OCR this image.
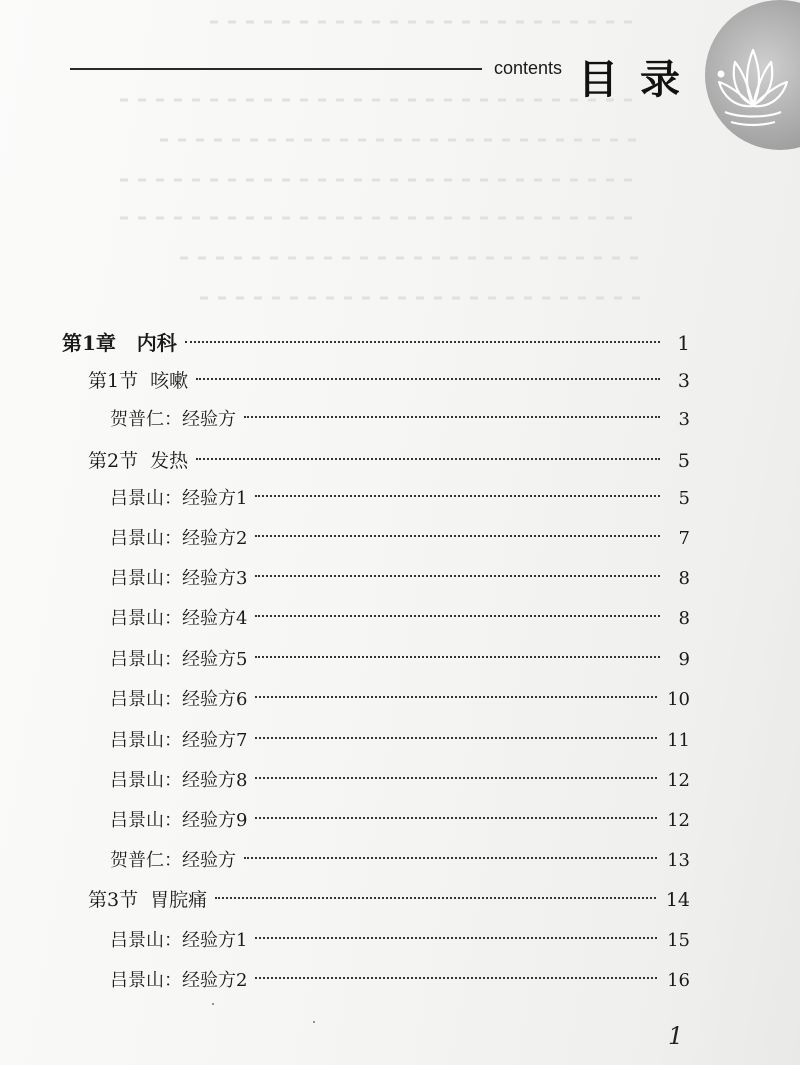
contents 目录
第1章   内科	1
第1节  咳嗽	3
贺普仁：经验方	3
第2节  发热	5
吕景山：经验方1	5
吕景山：经验方2	7
吕景山：经验方3	8
吕景山：经验方4	8
吕景山：经验方5	9
吕景山：经验方6	10
吕景山：经验方7	11
吕景山：经验方8	12
吕景山：经验方9	12
贺普仁：经验方	13
第3节  胃脘痛	14
吕景山：经验方1	15
吕景山：经验方2	16
1
